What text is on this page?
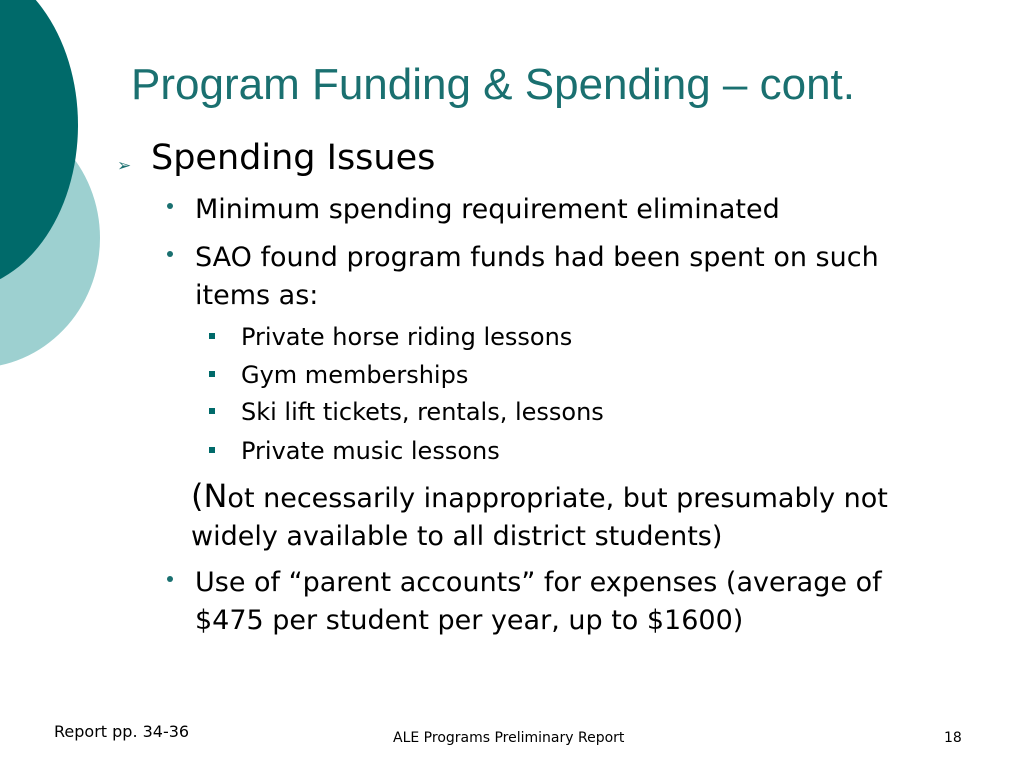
Program Funding & Spending – cont.
➢ Spending Issues
Minimum spending requirement eliminated
SAO found program funds had been spent on such items as:
Private horse riding lessons
Gym memberships
Ski lift tickets, rentals, lessons
Private music lessons
(Not necessarily inappropriate, but presumably not widely available to all district students)
Use of “parent accounts” for expenses (average of $475 per student per year, up to $1600)
Report pp. 34-36	ALE Programs Preliminary Report	18
